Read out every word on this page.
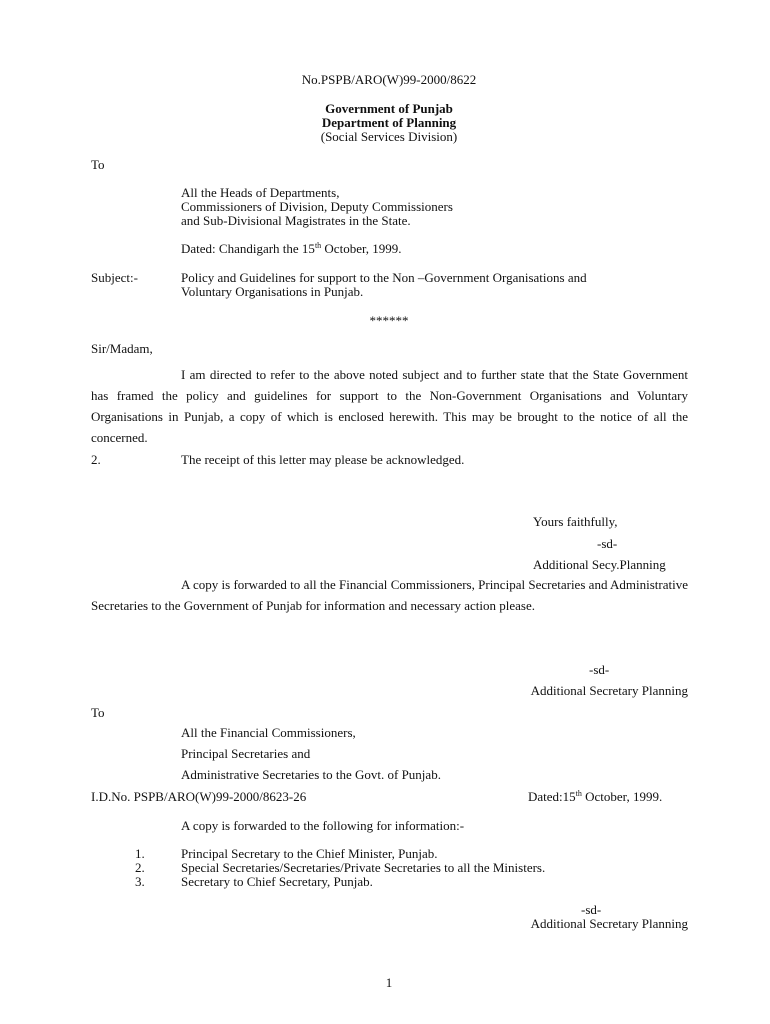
No.PSPB/ARO(W)99-2000/8622
Government of Punjab
Department of Planning
(Social Services Division)
To
All the Heads of Departments,
Commissioners of Division, Deputy Commissioners
and Sub-Divisional Magistrates in the State.
Dated: Chandigarh the 15th October, 1999.
Subject:-	Policy and Guidelines for support to the Non –Government Organisations and
Voluntary Organisations in Punjab.
******
Sir/Madam,

I am directed to refer to the above noted subject and to further state that the State Government has framed the policy and guidelines for support to the Non-Government Organisations and Voluntary Organisations in Punjab, a copy of which is enclosed herewith. This may be brought to the notice of all the concerned.

2.	The receipt of this letter may please be acknowledged.
Yours faithfully,
-sd-
Additional Secy.Planning

A copy is forwarded to all the Financial Commissioners, Principal Secretaries and Administrative Secretaries to the Government of Punjab for information and necessary action please.

-sd-
Additional Secretary Planning
To
All the Financial Commissioners,
Principal Secretaries and
Administrative Secretaries to the Govt. of Punjab.
I.D.No. PSPB/ARO(W)99-2000/8623-26	Dated:15th October, 1999.
A copy is forwarded to the following for information:-
1.	Principal Secretary to the Chief Minister, Punjab.
2.	Special Secretaries/Secretaries/Private Secretaries to all the Ministers.
3.	Secretary to Chief Secretary, Punjab.
-sd-
Additional Secretary Planning
1
